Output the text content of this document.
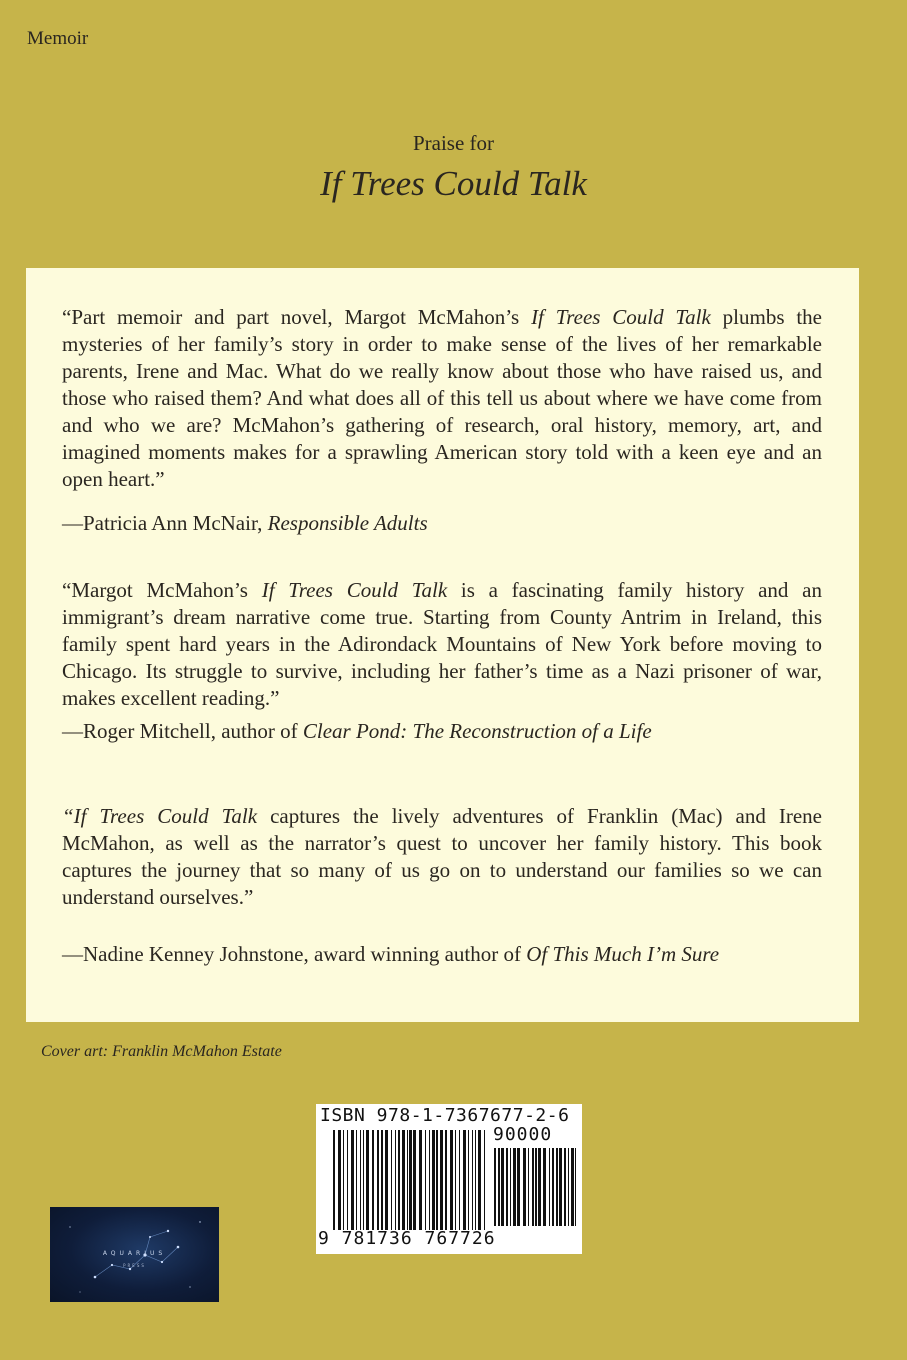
Memoir
Praise for
If Trees Could Talk
“Part memoir and part novel, Margot McMahon’s If Trees Could Talk plumbs the mysteries of her family’s story in order to make sense of the lives of her remarkable parents, Irene and Mac. What do we really know about those who have raised us, and those who raised them? And what does all of this tell us about where we have come from and who we are? McMahon’s gathering of research, oral history, memory, art, and imagined moments makes for a sprawling American story told with a keen eye and an open heart.”
—Patricia Ann McNair, Responsible Adults
“Margot McMahon’s If Trees Could Talk is a fascinating family history and an immigrant’s dream narrative come true. Starting from County Antrim in Ireland, this family spent hard years in the Adirondack Mountains of New York before moving to Chicago. Its struggle to survive, including her father’s time as a Nazi prisoner of war, makes excellent reading.”
—Roger Mitchell, author of Clear Pond: The Reconstruction of a Life
“If Trees Could Talk captures the lively adventures of Franklin (Mac) and Irene McMahon, as well as the narrator’s quest to uncover her family history. This book captures the journey that so many of us go on to understand our families so we can understand ourselves.”
—Nadine Kenney Johnstone, award winning author of Of This Much I’m Sure
Cover art: Franklin McMahon Estate
ISBN 978-1-7367677-2-6
90000
9 781736 767726
AQUARIUS
PRESS
